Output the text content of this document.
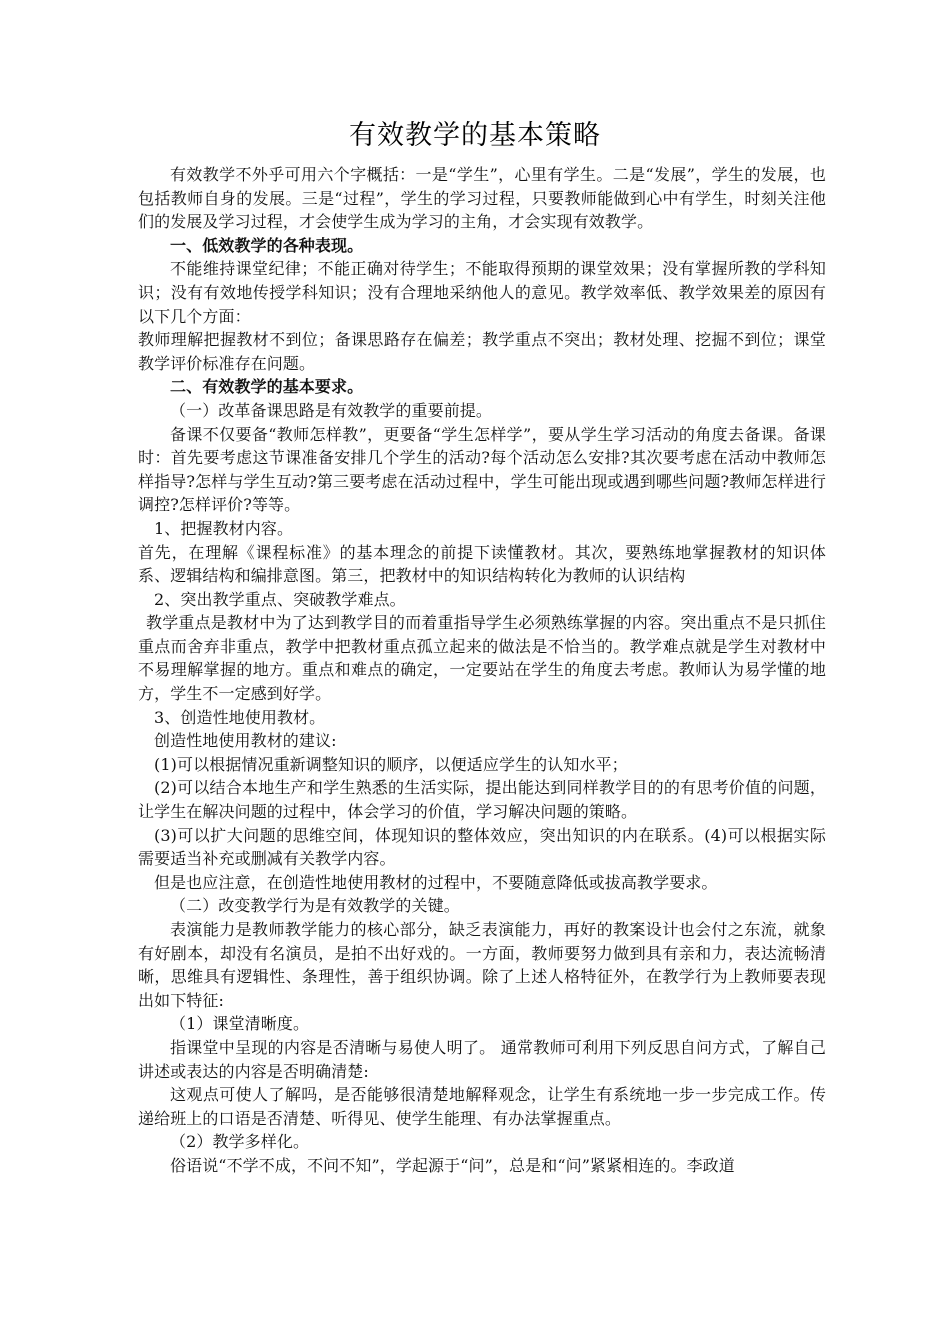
有效教学的基本策略

有效教学不外乎可用六个字概括：一是“学生”，心里有学生。二是“发展”，学生的发展，也包括教师自身的发展。三是“过程”，学生的学习过程，只要教师能做到心中有学生，时刻关注他们的发展及学习过程，才会使学生成为学习的主角，才会实现有效教学。

一、低效教学的各种表现。

不能维持课堂纪律；不能正确对待学生；不能取得预期的课堂效果；没有掌握所教的学科知识；没有有效地传授学科知识；没有合理地采纳他人的意见。教学效率低、教学效果差的原因有以下几个方面：

教师理解把握教材不到位；备课思路存在偏差；教学重点不突出；教材处理、挖掘不到位；课堂教学评价标准存在问题。

二、有效教学的基本要求。

（一）改革备课思路是有效教学的重要前提。

备课不仅要备“教师怎样教”，更要备“学生怎样学”，要从学生学习活动的角度去备课。备课时：首先要考虑这节课准备安排几个学生的活动?每个活动怎么安排?其次要考虑在活动中教师怎样指导?怎样与学生互动?第三要考虑在活动过程中，学生可能出现或遇到哪些问题?教师怎样进行调控?怎样评价?等等。

1、把握教材内容。

首先，在理解《课程标准》的基本理念的前提下读懂教材。其次，要熟练地掌握教材的知识体系、逻辑结构和编排意图。第三，把教材中的知识结构转化为教师的认识结构

2、突出教学重点、突破教学难点。

教学重点是教材中为了达到教学目的而着重指导学生必须熟练掌握的内容。突出重点不是只抓住重点而舍弃非重点，教学中把教材重点孤立起来的做法是不恰当的。教学难点就是学生对教材中不易理解掌握的地方。重点和难点的确定，一定要站在学生的角度去考虑。教师认为易学懂的地方，学生不一定感到好学。

3、创造性地使用教材。

创造性地使用教材的建议:

(1)可以根据情况重新调整知识的顺序，以便适应学生的认知水平；

(2)可以结合本地生产和学生熟悉的生活实际，提出能达到同样教学目的的有思考价值的问题，让学生在解决问题的过程中，体会学习的价值，学习解决问题的策略。

(3)可以扩大问题的思维空间，体现知识的整体效应，突出知识的内在联系。(4)可以根据实际需要适当补充或删减有关教学内容。

但是也应注意，在创造性地使用教材的过程中，不要随意降低或拔高教学要求。

（二）改变教学行为是有效教学的关键。

表演能力是教师教学能力的核心部分，缺乏表演能力，再好的教案设计也会付之东流，就象有好剧本，却没有名演员，是拍不出好戏的。一方面，教师要努力做到具有亲和力，表达流畅清晰，思维具有逻辑性、条理性，善于组织协调。除了上述人格特征外，在教学行为上教师要表现出如下特征:

（1）课堂清晰度。

指课堂中呈现的内容是否清晰与易使人明了。 通常教师可利用下列反思自问方式，了解自己讲述或表达的内容是否明确清楚:

这观点可使人了解吗，是否能够很清楚地解释观念，让学生有系统地一步一步完成工作。传递给班上的口语是否清楚、听得见、使学生能理、有办法掌握重点。

（2）教学多样化。

俗语说“不学不成，不问不知”，学起源于“问”，总是和“问”紧紧相连的。李政道
